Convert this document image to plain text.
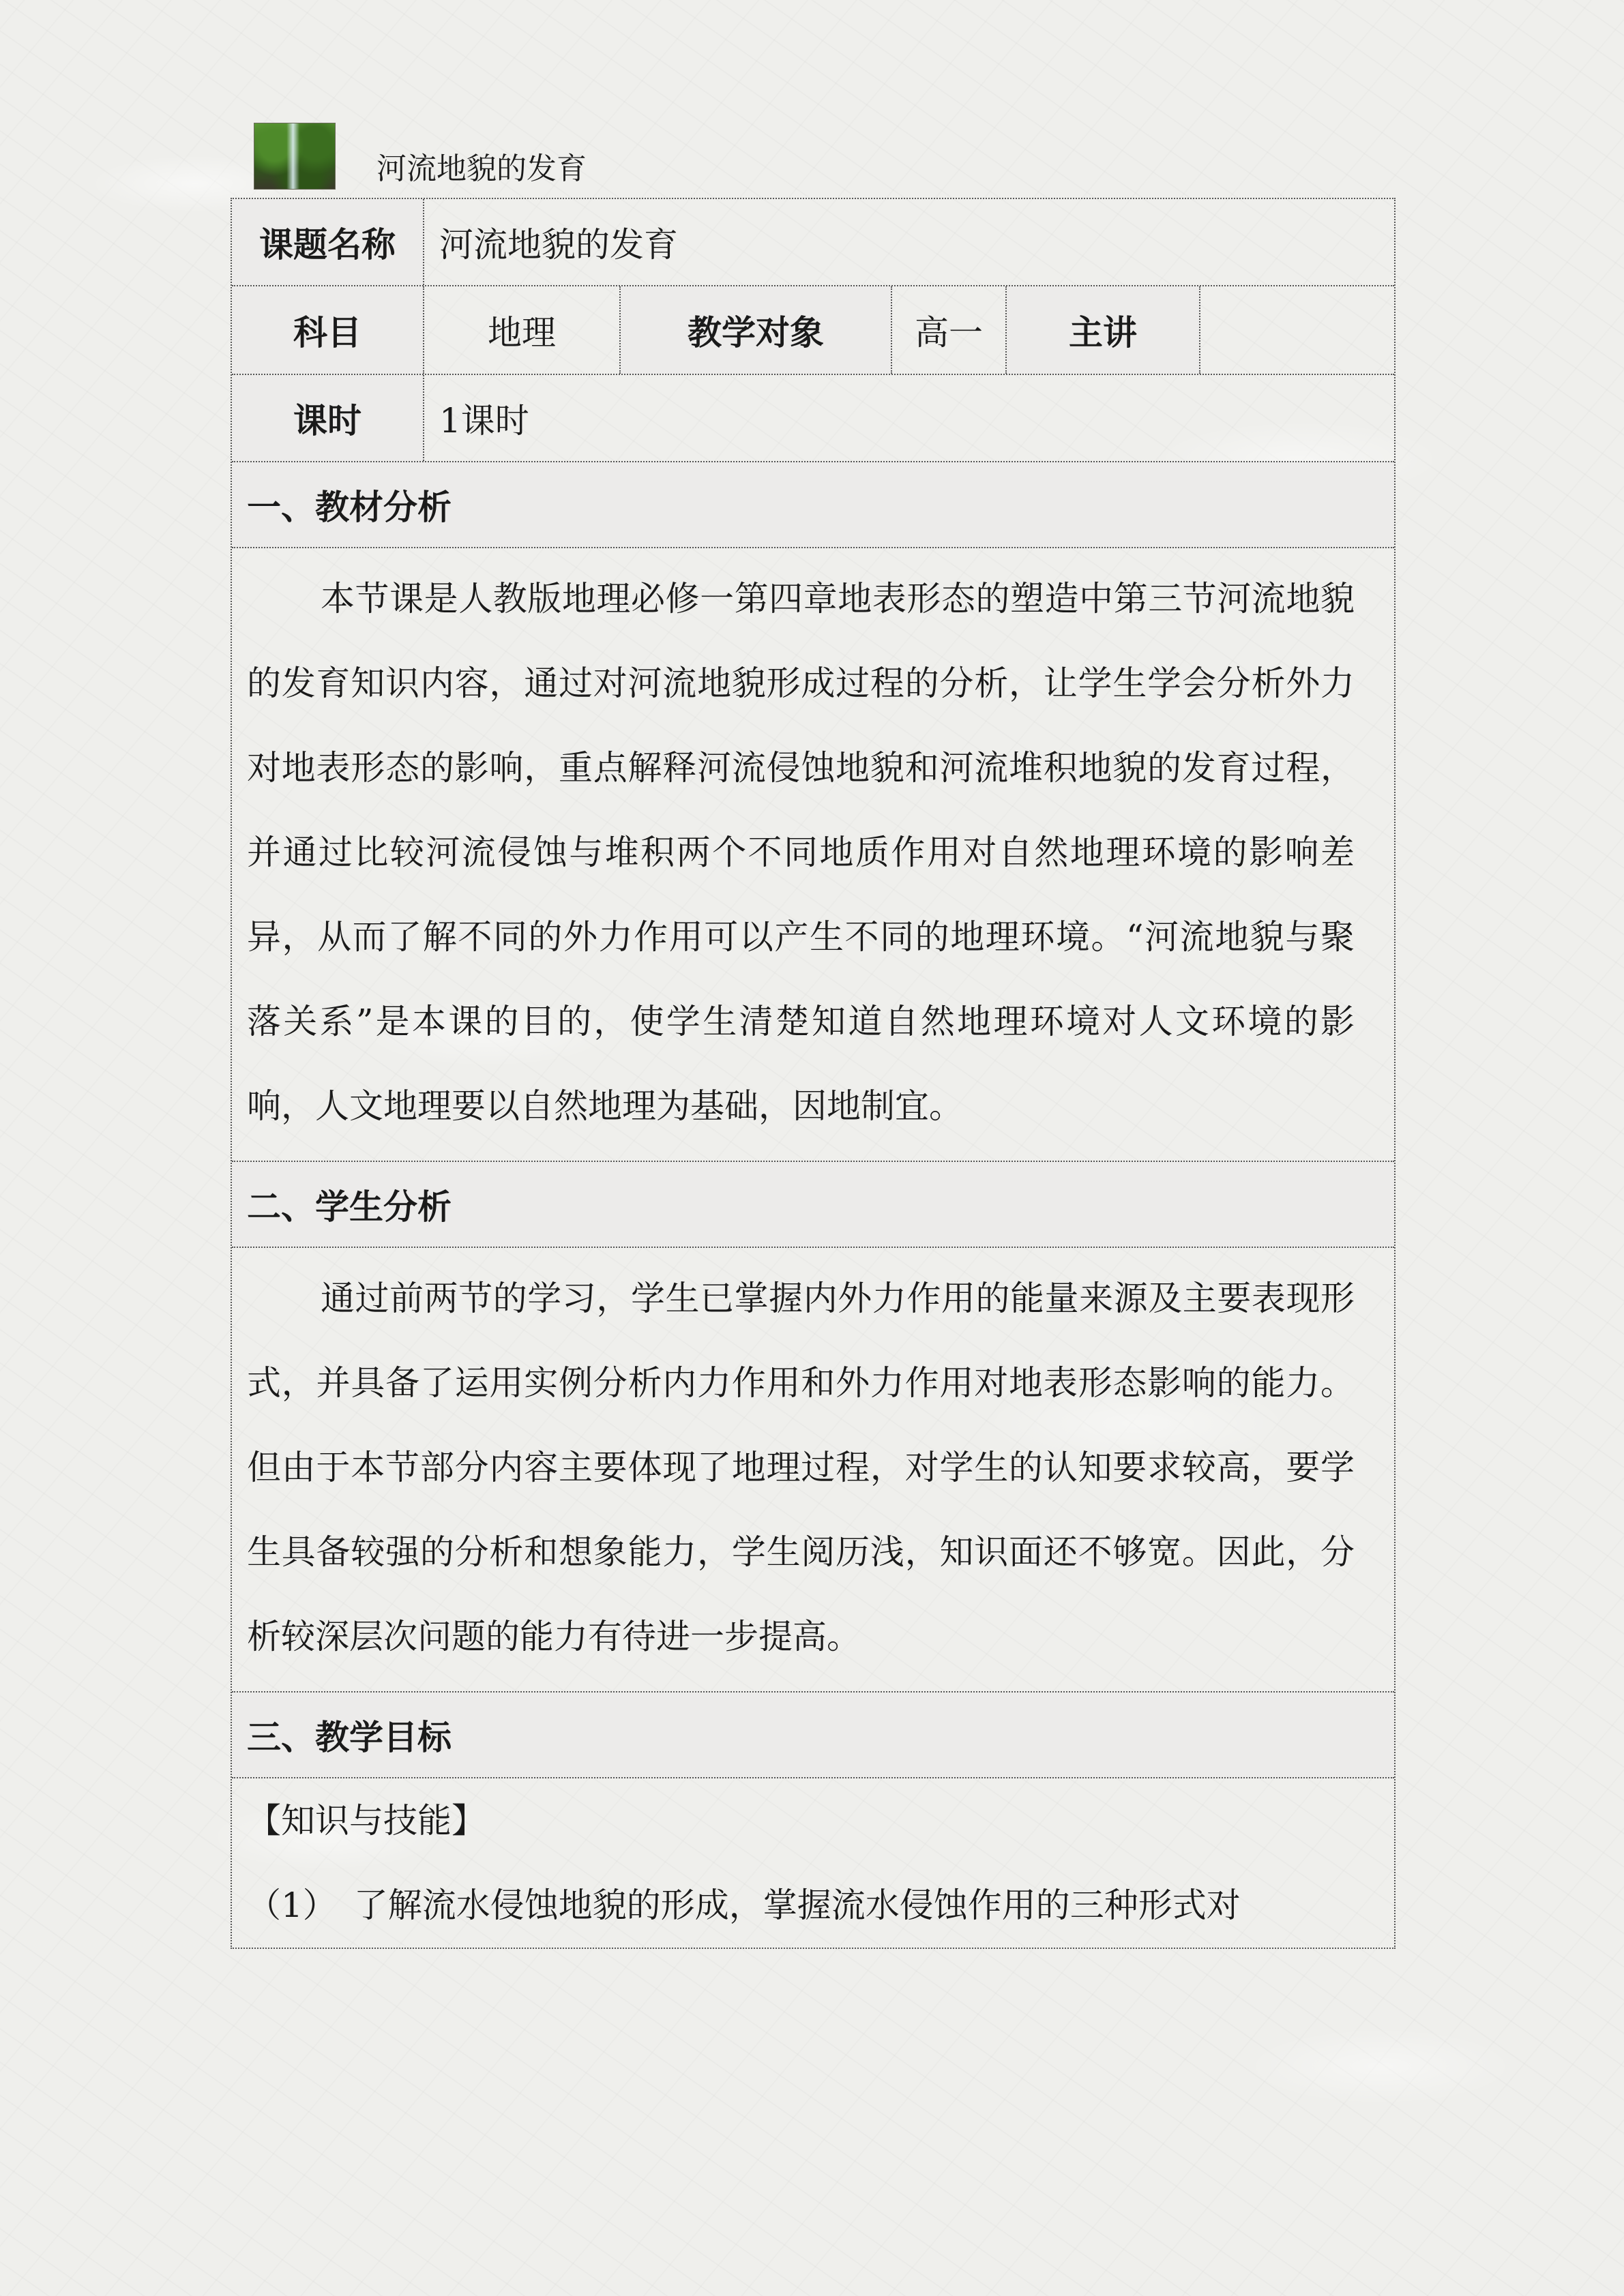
河流地貌的发育
课题名称	河流地貌的发育
科目	地理	教学对象	高一	主讲
课时	1课时
一、教材分析
本节课是人教版地理必修一第四章地表形态的塑造中第三节河流地貌的发育知识内容，通过对河流地貌形成过程的分析，让学生学会分析外力对地表形态的影响，重点解释河流侵蚀地貌和河流堆积地貌的发育过程，并通过比较河流侵蚀与堆积两个不同地质作用对自然地理环境的影响差异，从而了解不同的外力作用可以产生不同的地理环境。“河流地貌与聚落关系”是本课的目的，使学生清楚知道自然地理环境对人文环境的影响，人文地理要以自然地理为基础，因地制宜。
二、学生分析
通过前两节的学习，学生已掌握内外力作用的能量来源及主要表现形式，并具备了运用实例分析内力作用和外力作用对地表形态影响的能力。但由于本节部分内容主要体现了地理过程，对学生的认知要求较高，要学生具备较强的分析和想象能力，学生阅历浅，知识面还不够宽。因此，分析较深层次问题的能力有待进一步提高。
三、教学目标
【知识与技能】
（1）　了解流水侵蚀地貌的形成，掌握流水侵蚀作用的三种形式对
